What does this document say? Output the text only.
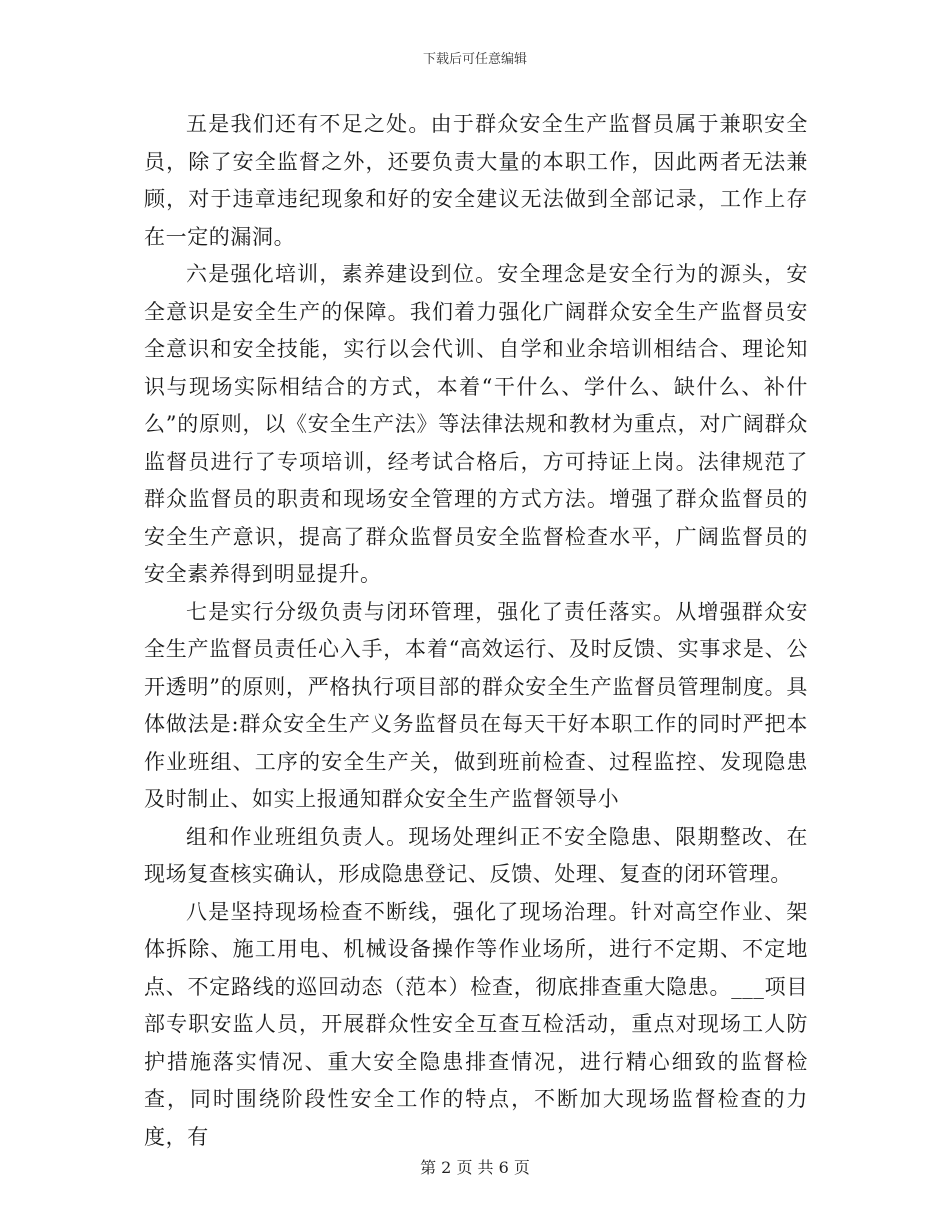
下载后可任意编辑

五是我们还有不足之处。由于群众安全生产监督员属于兼职安全员，除了安全监督之外，还要负责大量的本职工作，因此两者无法兼顾，对于违章违纪现象和好的安全建议无法做到全部记录，工作上存在一定的漏洞。

六是强化培训，素养建设到位。安全理念是安全行为的源头，安全意识是安全生产的保障。我们着力强化广阔群众安全生产监督员安全意识和安全技能，实行以会代训、自学和业余培训相结合、理论知识与现场实际相结合的方式，本着“干什么、学什么、缺什么、补什么”的原则，以《安全生产法》等法律法规和教材为重点，对广阔群众监督员进行了专项培训，经考试合格后，方可持证上岗。法律规范了群众监督员的职责和现场安全管理的方式方法。增强了群众监督员的安全生产意识，提高了群众监督员安全监督检查水平，广阔监督员的安全素养得到明显提升。

七是实行分级负责与闭环管理，强化了责任落实。从增强群众安全生产监督员责任心入手，本着“高效运行、及时反馈、实事求是、公开透明”的原则，严格执行项目部的群众安全生产监督员管理制度。具体做法是:群众安全生产义务监督员在每天干好本职工作的同时严把本作业班组、工序的安全生产关，做到班前检查、过程监控、发现隐患及时制止、如实上报通知群众安全生产监督领导小

组和作业班组负责人。现场处理纠正不安全隐患、限期整改、在现场复查核实确认，形成隐患登记、反馈、处理、复查的闭环管理。

八是坚持现场检查不断线，强化了现场治理。针对高空作业、架体拆除、施工用电、机械设备操作等作业场所，进行不定期、不定地点、不定路线的巡回动态（范本）检查，彻底排查重大隐患。___项目部专职安监人员，开展群众性安全互查互检活动，重点对现场工人防护措施落实情况、重大安全隐患排查情况，进行精心细致的监督检查，同时围绕阶段性安全工作的特点，不断加大现场监督检查的力度，有

第 2 页 共 6 页
